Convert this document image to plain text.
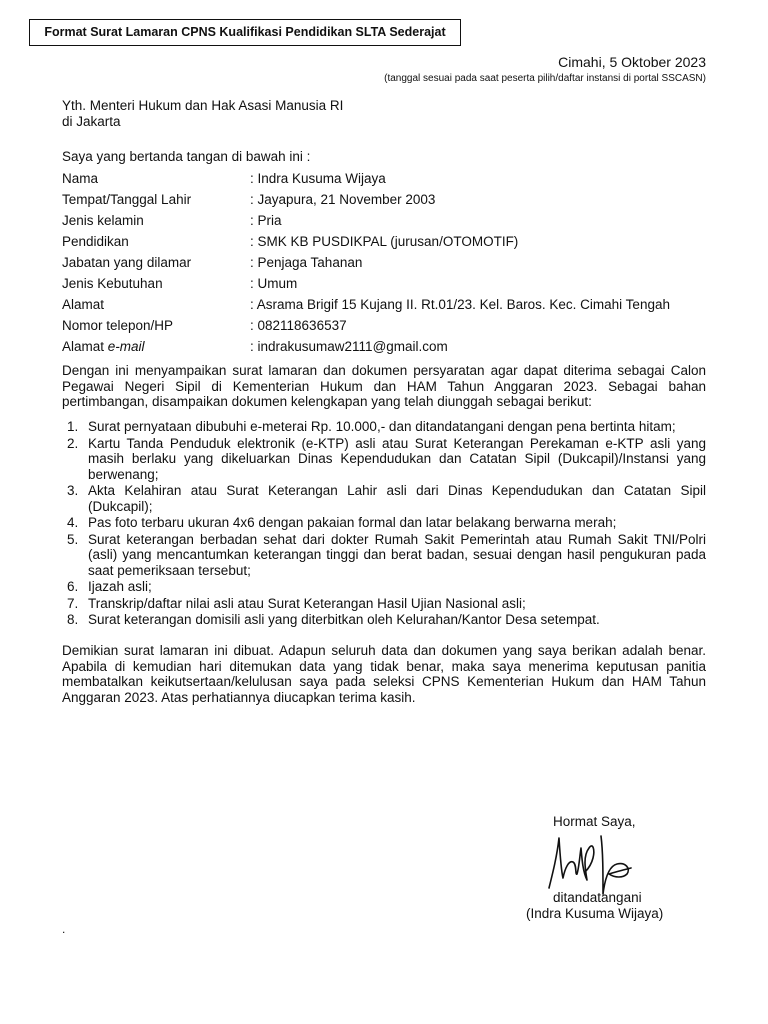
Format Surat Lamaran CPNS Kualifikasi Pendidikan SLTA Sederajat
Cimahi, 5 Oktober 2023
(tanggal sesuai pada saat peserta pilih/daftar instansi di portal SSCASN)
Yth. Menteri Hukum dan Hak Asasi Manusia RI
di Jakarta
Saya yang bertanda tangan di bawah ini :
Nama	: Indra Kusuma Wijaya
Tempat/Tanggal Lahir	: Jayapura, 21 November 2003
Jenis kelamin	: Pria
Pendidikan	: SMK KB PUSDIKPAL (jurusan/OTOMOTIF)
Jabatan yang dilamar	: Penjaga Tahanan
Jenis Kebutuhan	: Umum
Alamat	: Asrama Brigif 15 Kujang II. Rt.01/23. Kel. Baros. Kec. Cimahi Tengah
Nomor telepon/HP	: 082118636537
Alamat e-mail	: indrakusumaw2111@gmail.com
Dengan ini menyampaikan surat lamaran dan dokumen persyaratan agar dapat diterima sebagai Calon Pegawai Negeri Sipil di Kementerian Hukum dan HAM Tahun Anggaran 2023. Sebagai bahan pertimbangan, disampaikan dokumen kelengkapan yang telah diunggah sebagai berikut:
1. Surat pernyataan dibubuhi e-meterai Rp. 10.000,- dan ditandatangani dengan pena bertinta hitam;
2. Kartu Tanda Penduduk elektronik (e-KTP) asli atau Surat Keterangan Perekaman e-KTP asli yang masih berlaku yang dikeluarkan Dinas Kependudukan dan Catatan Sipil (Dukcapil)/Instansi yang berwenang;
3. Akta Kelahiran atau Surat Keterangan Lahir asli dari Dinas Kependudukan dan Catatan Sipil (Dukcapil);
4. Pas foto terbaru ukuran 4x6 dengan pakaian formal dan latar belakang berwarna merah;
5. Surat keterangan berbadan sehat dari dokter Rumah Sakit Pemerintah atau Rumah Sakit TNI/Polri (asli) yang mencantumkan keterangan tinggi dan berat badan, sesuai dengan hasil pengukuran pada saat pemeriksaan tersebut;
6. Ijazah asli;
7. Transkrip/daftar nilai asli atau Surat Keterangan Hasil Ujian Nasional asli;
8. Surat keterangan domisili asli yang diterbitkan oleh Kelurahan/Kantor Desa setempat.
Demikian surat lamaran ini dibuat. Adapun seluruh data dan dokumen yang saya berikan adalah benar. Apabila di kemudian hari ditemukan data yang tidak benar, maka saya menerima keputusan panitia membatalkan keikutsertaan/kelulusan saya pada seleksi CPNS Kementerian Hukum dan HAM Tahun Anggaran 2023. Atas perhatiannya diucapkan terima kasih.
Hormat Saya,
ditandatangani
(Indra Kusuma Wijaya)
.
